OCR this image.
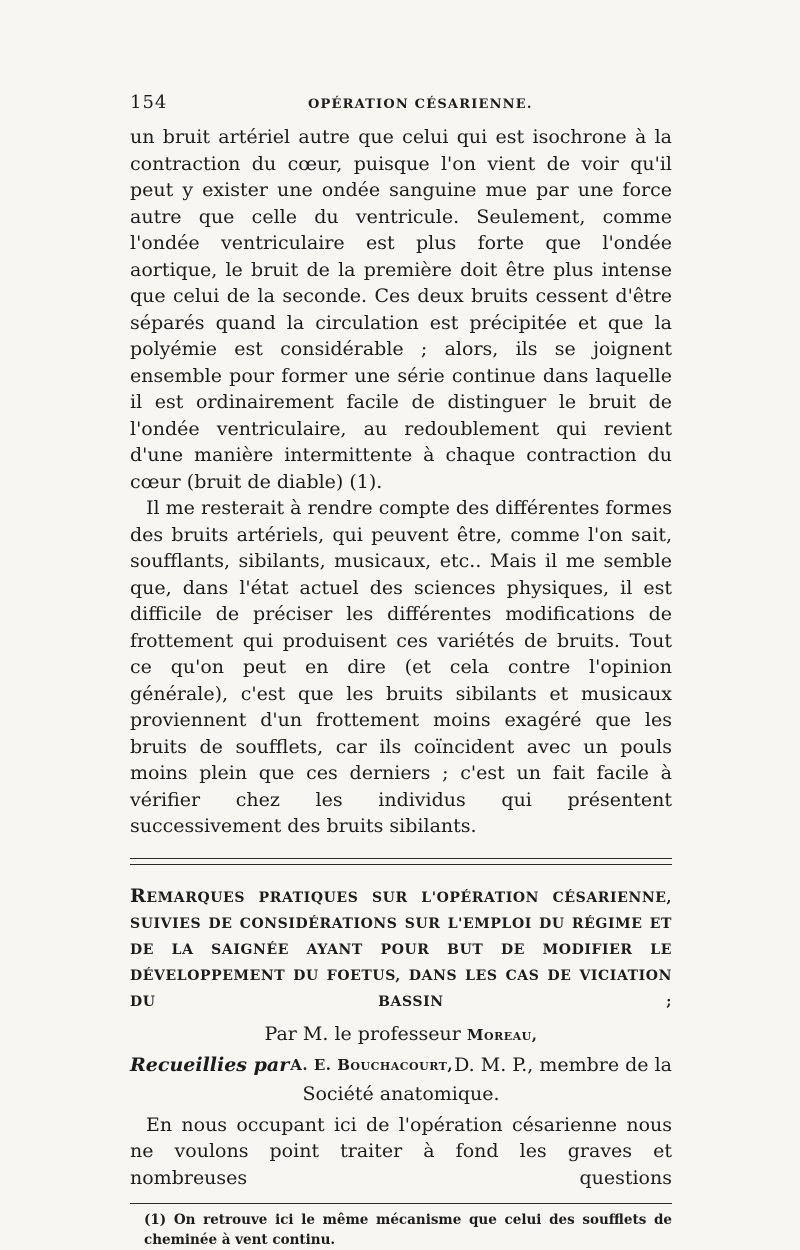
154	OPÉRATION CÉSARIENNE.

un bruit artériel autre que celui qui est isochrone à la contraction du cœur, puisque l'on vient de voir qu'il peut y exister une ondée sanguine mue par une force autre que celle du ventricule. Seulement, comme l'ondée ventriculaire est plus forte que l'ondée aortique, le bruit de la première doit être plus intense que celui de la seconde. Ces deux bruits cessent d'être séparés quand la circulation est précipitée et que la polyémie est considérable ; alors, ils se joignent ensemble pour former une série continue dans laquelle il est ordinairement facile de distinguer le bruit de l'ondée ventriculaire, au redoublement qui revient d'une manière intermittente à chaque contraction du cœur (bruit de diable) (1).

Il me resterait à rendre compte des différentes formes des bruits artériels, qui peuvent être, comme l'on sait, soufflants, sibilants, musicaux, etc.. Mais il me semble que, dans l'état actuel des sciences physiques, il est difficile de préciser les différentes modifications de frottement qui produisent ces variétés de bruits. Tout ce qu'on peut en dire (et cela contre l'opinion générale), c'est que les bruits sibilants et musicaux proviennent d'un frottement moins exagéré que les bruits de soufflets, car ils coïncident avec un pouls moins plein que ces derniers ; c'est un fait facile à vérifier chez les individus qui présentent successivement des bruits sibilants.

REMARQUES PRATIQUES SUR L'OPÉRATION CÉSARIENNE, SUIVIES DE CONSIDÉRATIONS SUR L'EMPLOI DU RÉGIME ET DE LA SAIGNÉE AYANT POUR BUT DE MODIFIER LE DÉVELOPPEMENT DU FOETUS, DANS LES CAS DE VICIATION DU BASSIN ;
Par M. le professeur Moreau,
Recueillies par A. E. Bouchacourt, D. M. P., membre de la
Société anatomique.

En nous occupant ici de l'opération césarienne nous ne voulons point traiter à fond les graves et nombreuses questions

(1) On retrouve ici le même mécanisme que celui des soufflets de cheminée à vent continu.
